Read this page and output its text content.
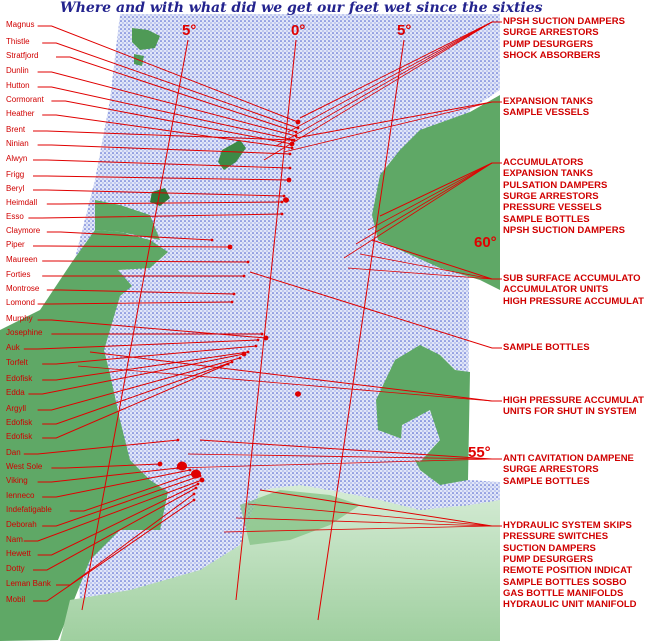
Where and with what did we get our feet wet since the sixties
Magnus
Thistle
Stratfjord
Dunlin
Hutton
Cormorant
Heather
Brent
Ninian
Alwyn
Frigg
Beryl
Heimdall
Esso
Claymore
Piper
Maureen
Forties
Montrose
Lomond
Murphy
Josephine
Auk
Torfelt
Edofisk
Edda
Argyll
Edofisk
Edofisk
Dan
West Sole
Viking
Ienneco
Indefatigable
Deborah
Nam
Hewett
Dotty
Leman Bank
Mobil
NPSH SUCTION DAMPERS
SURGE ARRESTORS
PUMP DESURGERS
SHOCK ABSORBERS
EXPANSION TANKS
SAMPLE VESSELS
ACCUMULATORS
EXPANSION TANKS
PULSATION DAMPERS
SURGE ARRESTORS
PRESSURE VESSELS
SAMPLE BOTTLES
NPSH SUCTION DAMPERS
SUB SURFACE ACCUMULATO
ACCUMULATOR UNITS
HIGH PRESSURE ACCUMULAT
SAMPLE BOTTLES
HIGH PRESSURE ACCUMULAT
UNITS FOR SHUT IN SYSTEM
ANTI CAVITATION DAMPENE
SURGE ARRESTORS
SAMPLE BOTTLES
HYDRAULIC SYSTEM SKIPS
PRESSURE SWITCHES
SUCTION DAMPERS
PUMP DESURGERS
REMOTE POSITION INDICAT
SAMPLE BOTTLES SOSBO
GAS BOTTLE MANIFOLDS
HYDRAULIC UNIT MANIFOLD
5°	0°	5°
60°
55°
